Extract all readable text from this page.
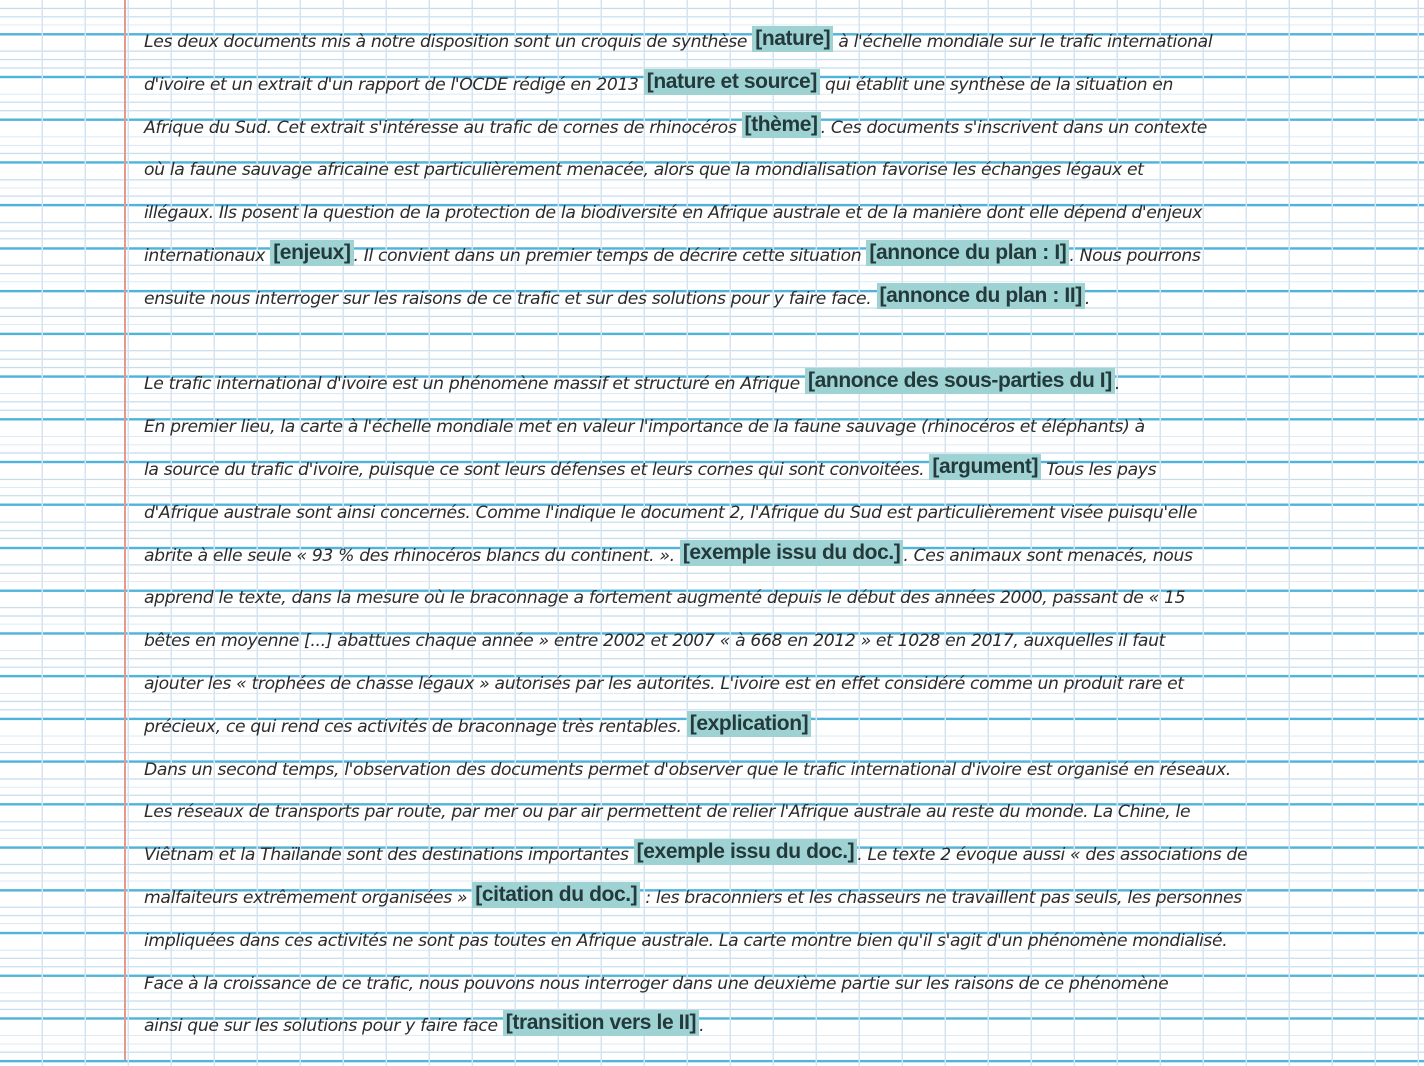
Les deux documents mis à notre disposition sont un croquis de synthèse [nature] à l'échelle mondiale sur le trafic international
d'ivoire et un extrait d'un rapport de l'OCDE rédigé en 2013 [nature et source] qui établit une synthèse de la situation en
Afrique du Sud. Cet extrait s'intéresse au trafic de cornes de rhinocéros [thème] . Ces documents s'inscrivent dans un contexte
où la faune sauvage africaine est particulièrement menacée, alors que la mondialisation favorise les échanges légaux et
illégaux. Ils posent la question de la protection de la biodiversité en Afrique australe et de la manière dont elle dépend d'enjeux
internationaux [enjeux] . Il convient dans un premier temps de décrire cette situation [annonce du plan : I] . Nous pourrons
ensuite nous interroger sur les raisons de ce trafic et sur des solutions pour y faire face. [annonce du plan : II] .
Le trafic international d'ivoire est un phénomène massif et structuré en Afrique [annonce des sous-parties du I] .
En premier lieu, la carte à l'échelle mondiale met en valeur l'importance de la faune sauvage (rhinocéros et éléphants) à
la source du trafic d'ivoire, puisque ce sont leurs défenses et leurs cornes qui sont convoitées. [argument] Tous les pays
d'Afrique australe sont ainsi concernés. Comme l'indique le document 2, l'Afrique du Sud est particulièrement visée puisqu'elle
abrite à elle seule « 93 % des rhinocéros blancs du continent. ». [exemple issu du doc.] . Ces animaux sont menacés, nous
apprend le texte, dans la mesure où le braconnage a fortement augmenté depuis le début des années 2000, passant de « 15
bêtes en moyenne [...] abattues chaque année » entre 2002 et 2007 « à 668 en 2012 » et 1028 en 2017, auxquelles il faut
ajouter les « trophées de chasse légaux » autorisés par les autorités. L'ivoire est en effet considéré comme un produit rare et
précieux, ce qui rend ces activités de braconnage très rentables. [explication]
Dans un second temps, l'observation des documents permet d'observer que le trafic international d'ivoire est organisé en réseaux.
Les réseaux de transports par route, par mer ou par air permettent de relier l'Afrique australe au reste du monde. La Chine, le
Viêtnam et la Thaïlande sont des destinations importantes [exemple issu du doc.] . Le texte 2 évoque aussi « des associations de
malfaiteurs extrêmement organisées » [citation du doc.] : les braconniers et les chasseurs ne travaillent pas seuls, les personnes
impliquées dans ces activités ne sont pas toutes en Afrique australe. La carte montre bien qu'il s'agit d'un phénomène mondialisé.
Face à la croissance de ce trafic, nous pouvons nous interroger dans une deuxième partie sur les raisons de ce phénomène
ainsi que sur les solutions pour y faire face [transition vers le II] .
